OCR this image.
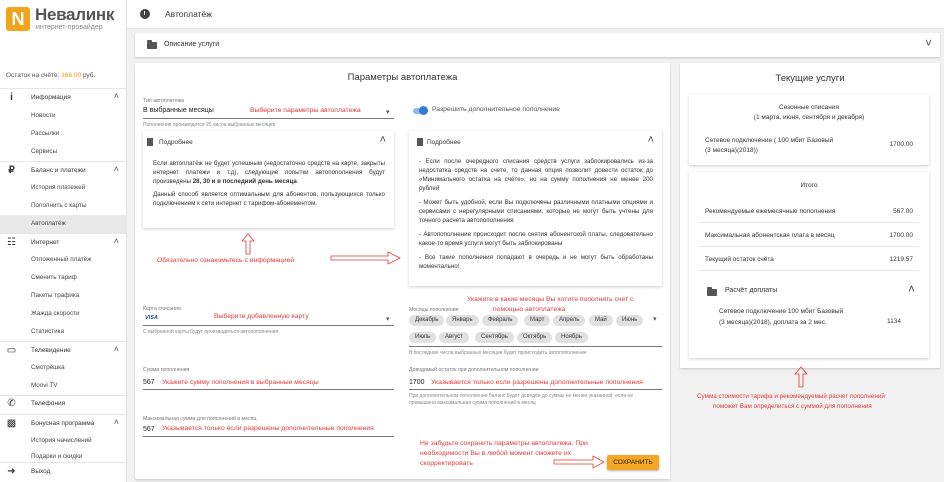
N Невалинк
интернет-провайдер
Остаток на счёте: 166.00 руб.
i	Информация	˄
Новости
Рассылки
Сервисы
₽	Баланс и платежи	˄
История платежей
Пополнить с карты
Автоплатёж
☷ Интернет	˄
Отложенный платёж
Сменить тариф
Пакеты трафика
Жажда скорости
Статистика
▭ Телевидение	˄
Смотрёшка
Moovi TV
✆ Телефония
▩ Бонусная программа ˄
История начислений
Подарки и скидки
➜ Выход
Автоплатёж
Описание услуги	˅
Параметры автоплатежа
Тип автоплатежа
В выбранные месяцы	▾
Пополнения производятся 25 числа выбранных месяцев
Выберите параметры автоплатежа	Разрешить дополнительное пополнение
Подробнее	˄
Если автоплатёж не будет успешным (недостаточно средств на карте, закрыты интернет платежи и т.д), следующие попытки автопополнения будут произведены 28, 30 и в последний день месяца
Данный способ является оптимальным для абонентов, пользующихся только подключением к сети интернет с тарифом-абонементом.
Подробнее	˄
- Если после очередного списания средств услуги заблокировались из-за недостатка средств на счете, то данная опция позволит довести остаток до «Минимального остатка на счёте», но на сумму пополнения не менее 200 рублей
- Может быть удобной, если Вы подключены различными платными опциями и сервисами с нерегулярными списаниями, которые не могут быть учтены для точного расчета автопополнения
- Автопополнение происходит после снятия абонентской платы, следовательно какое-то время услуги могут быть заблокированы
- Все такие пополнения попадают в очередь и не могут быть обработаны моментально!
Обязательно ознакомьтесь с информацией
Карта списания
VISA	▾
С выбранной карты будут производиться автопополнения
Выберите добавленную карту
Укажите в какие месяцы Вы хотите пополнять счет с
помощью автоплатежа
Месяцы пополнения
Декабрь	Январь	Февраль	Март	Апрель	Май	Июнь
Июль	Август	Сентябрь	Октябрь	Ноябрь
▾
В последние числа выбранных месяцев будет происходить автопополнение
Сумма пополнения
567 Укажите сумму пополнения в выбранные месяцы
Доводимый остаток при дополнительном пополнении
1700 Указывается только если разрешены дополнительные пополнения
При дополнительном пополнении баланс будет доведён до суммы не менее указанной, если не
превышена максимальная сумма пополнений в месяц
Максимальная сумма для пополнений в месяц
567 Указывается только если разрешены дополнительные пополнения
Не забудьте сохранить параметры автоплатежа. При
необходимости Вы в любой момент сможете их
скорректировать	СОХРАНИТЬ
Текущие услуги
Сезонные списания
(1 марта, июня, сентября и декабря)
Сетевое подключение ( 100 мбит Базовый
(3 месяца)(2018))
1700.00
Итого
Рекомендуемые ежемесячные пополнения	567.00
Максимальная абонентская плата в месяц	1700.00
Текущий остаток счёта	1219.57
Расчёт доплаты	˄
Сетевое подключение 100 мбит Базовый
(3 месяца)(2018), доплата за 2 мес.	1134
Сумма стоимости тарифа и рекомендуемый расчет пополнений
поможет Вам определиться с суммой для пополнения
